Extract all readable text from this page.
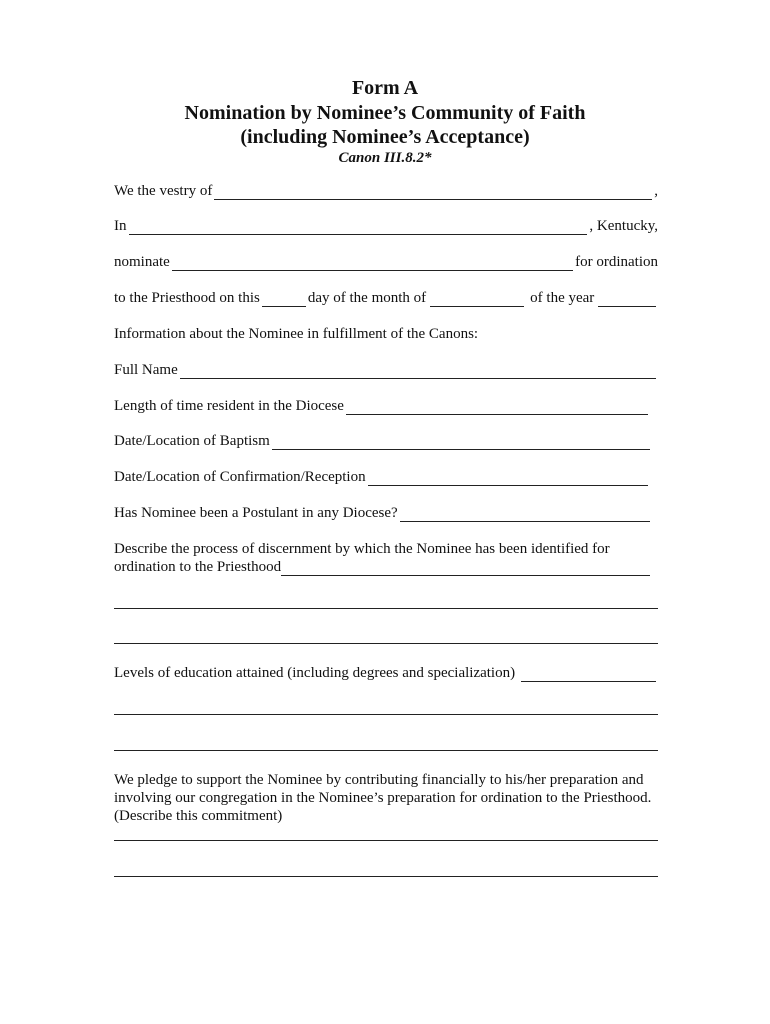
Form A
Nomination by Nominee’s Community of Faith
(including Nominee’s Acceptance)
Canon III.8.2*
We the vestry of	,
In	, Kentucky,
nominate	for ordination
to the Priesthood on this	day of the month of	of the year
Information about the Nominee in fulfillment of the Canons:
Full Name
Length of time resident in the Diocese
Date/Location of Baptism
Date/Location of Confirmation/Reception
Has Nominee been a Postulant in any Diocese?
Describe the process of discernment by which the Nominee has been identified for
ordination to the Priesthood
Levels of education attained (including degrees and specialization)
We pledge to support the Nominee by contributing financially to his/her preparation and
involving our congregation in the Nominee’s preparation for ordination to the Priesthood.
(Describe this commitment)
